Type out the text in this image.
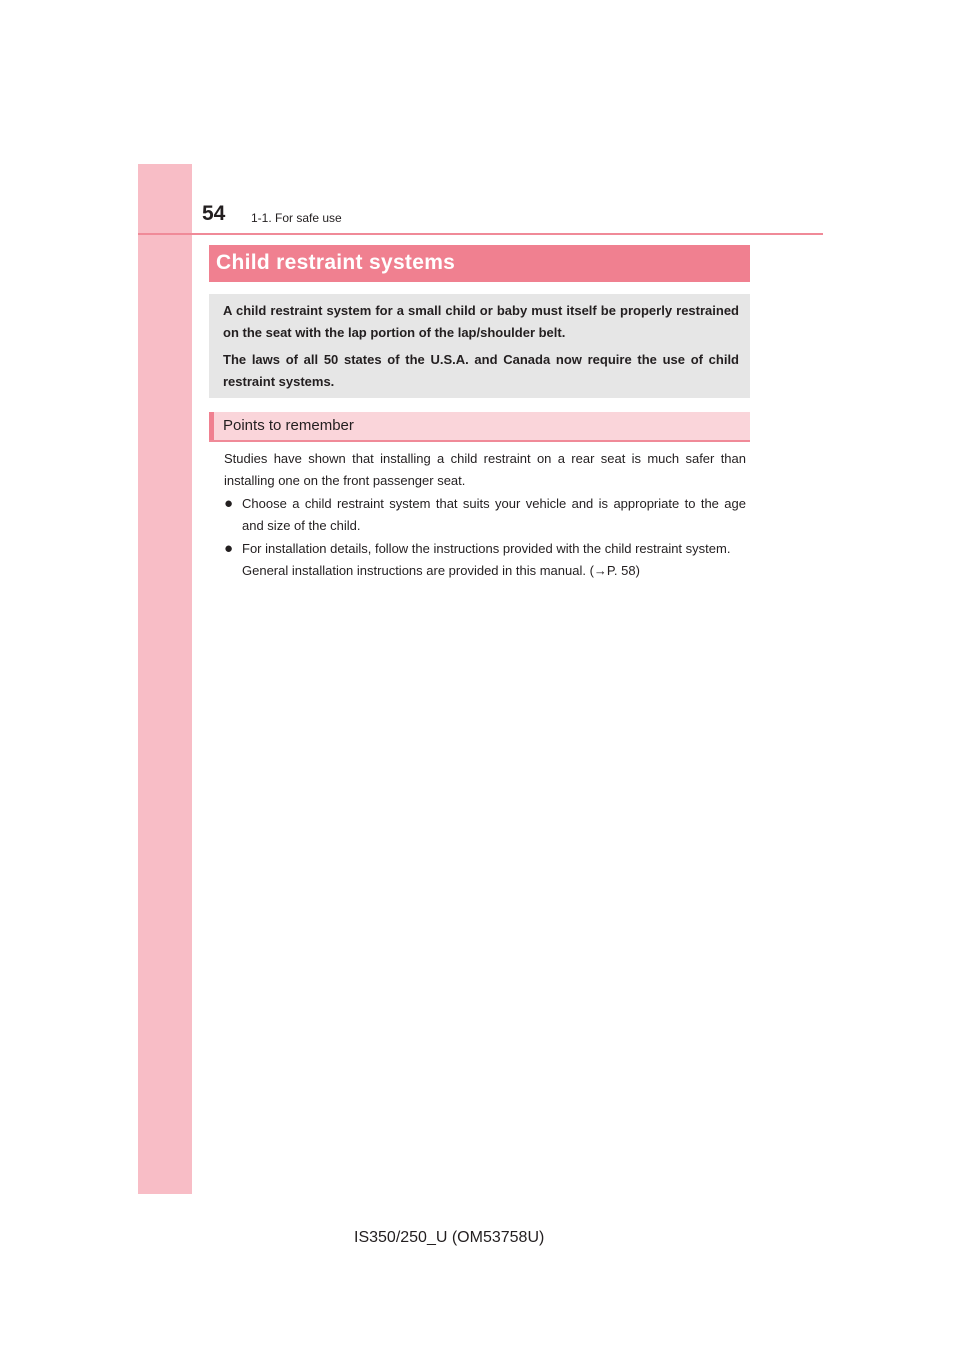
54 1-1. For safe use
Child restraint systems

A child restraint system for a small child or baby must itself be properly restrained on the seat with the lap portion of the lap/shoulder belt.

The laws of all 50 states of the U.S.A. and Canada now require the use of child restraint systems.

Points to remember

Studies have shown that installing a child restraint on a rear seat is much safer than installing one on the front passenger seat.

● Choose a child restraint system that suits your vehicle and is appropriate to the age and size of the child.
● For installation details, follow the instructions provided with the child restraint system.
General installation instructions are provided in this manual. (→P. 58)
IS350/250_U (OM53758U)
